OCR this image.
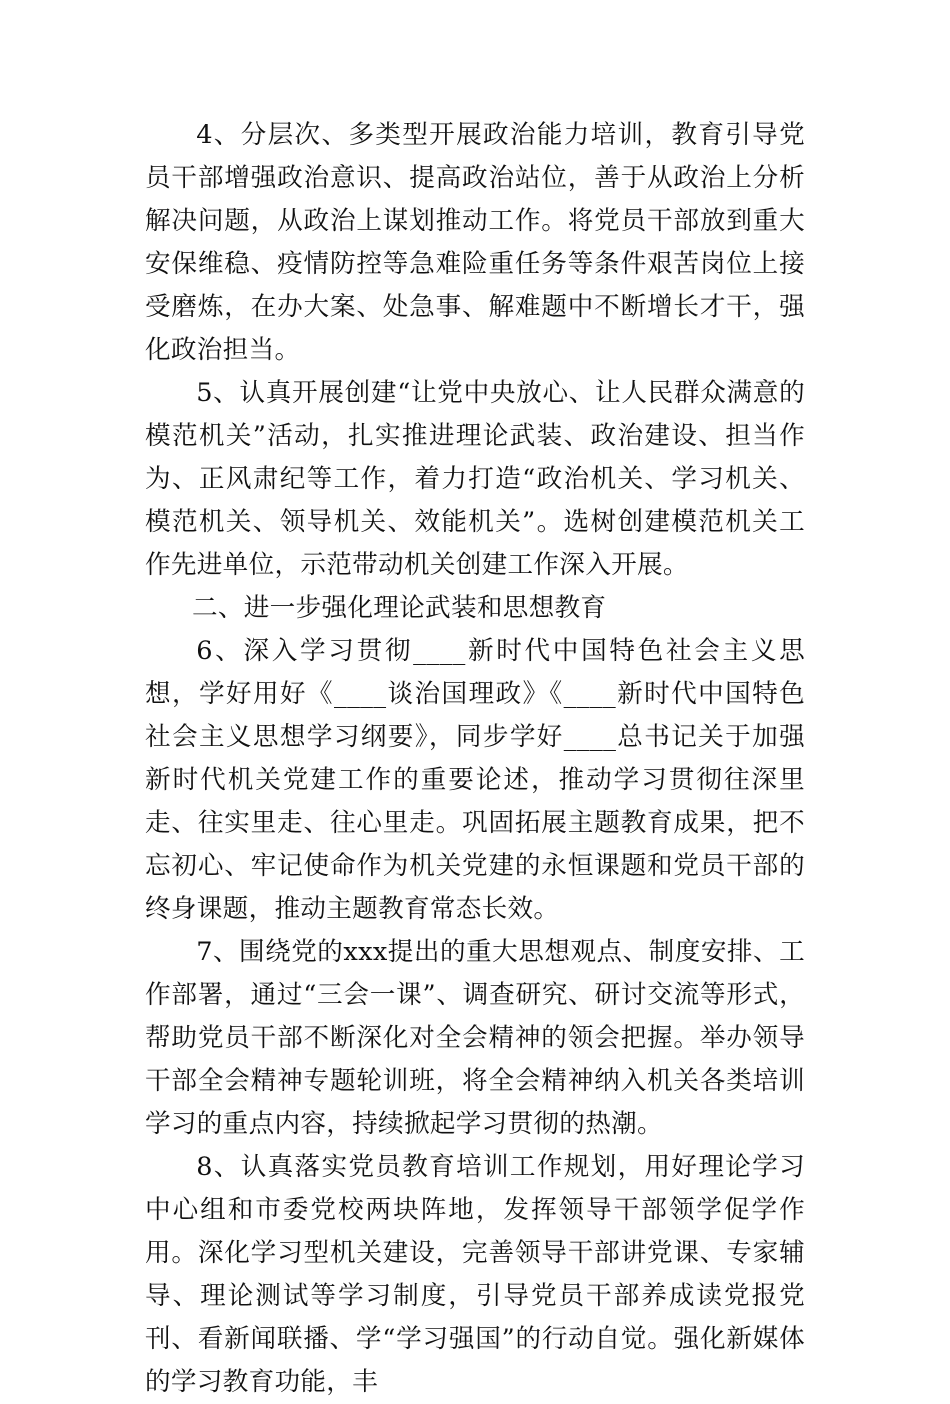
4、分层次、多类型开展政治能力培训，教育引导党员干部增强政治意识、提高政治站位，善于从政治上分析解决问题，从政治上谋划推动工作。将党员干部放到重大安保维稳、疫情防控等急难险重任务等条件艰苦岗位上接受磨炼，在办大案、处急事、解难题中不断增长才干，强化政治担当。

5、认真开展创建“让党中央放心、让人民群众满意的模范机关”活动，扎实推进理论武装、政治建设、担当作为、正风肃纪等工作，着力打造“政治机关、学习机关、模范机关、领导机关、效能机关”。选树创建模范机关工作先进单位，示范带动机关创建工作深入开展。

二、进一步强化理论武装和思想教育

6、深入学习贯彻____新时代中国特色社会主义思想，学好用好《____谈治国理政》《____新时代中国特色社会主义思想学习纲要》，同步学好____总书记关于加强新时代机关党建工作的重要论述，推动学习贯彻往深里走、往实里走、往心里走。巩固拓展主题教育成果，把不忘初心、牢记使命作为机关党建的永恒课题和党员干部的终身课题，推动主题教育常态长效。

7、围绕党的xxx提出的重大思想观点、制度安排、工作部署，通过“三会一课”、调查研究、研讨交流等形式，帮助党员干部不断深化对全会精神的领会把握。举办领导干部全会精神专题轮训班，将全会精神纳入机关各类培训学习的重点内容，持续掀起学习贯彻的热潮。

8、认真落实党员教育培训工作规划，用好理论学习中心组和市委党校两块阵地，发挥领导干部领学促学作用。深化学习型机关建设，完善领导干部讲党课、专家辅导、理论测试等学习制度，引导党员干部养成读党报党刊、看新闻联播、学“学习强国”的行动自觉。强化新媒体的学习教育功能，丰
